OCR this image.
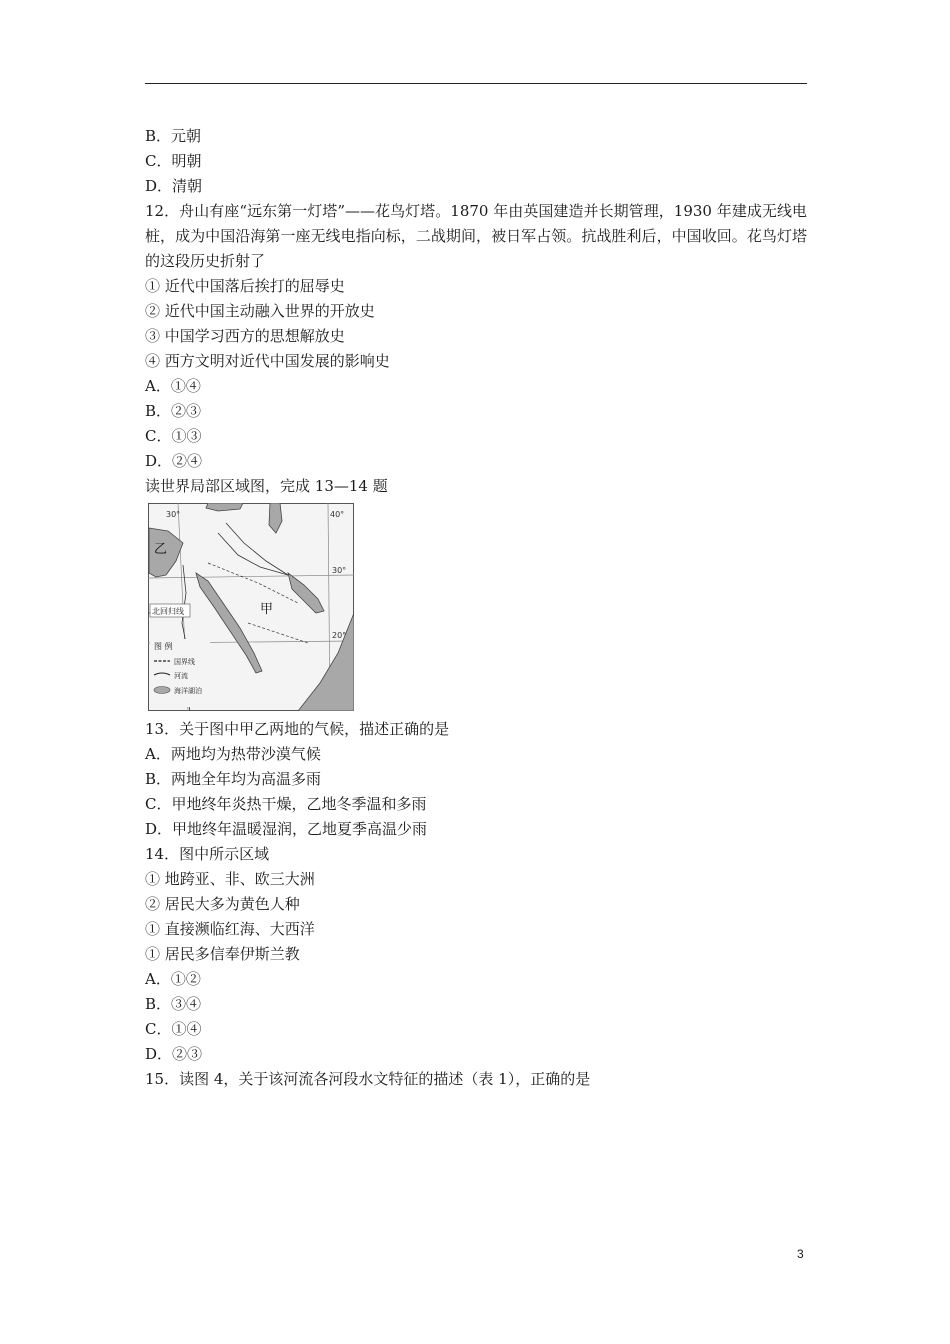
B．元朝
C．明朝
D．清朝
12．舟山有座“远东第一灯塔”——花鸟灯塔。1870 年由英国建造并长期管理，1930 年建成无线电桩，成为中国沿海第一座无线电指向标，二战期间，被日军占领。抗战胜利后，中国收回。花鸟灯塔的这段历史折射了
① 近代中国落后挨打的屈辱史
② 近代中国主动融入世界的开放史
③ 中国学习西方的思想解放史
④ 西方文明对近代中国发展的影响史
A．①④
B．②③
C．①③
D．②④
读世界局部区域图，完成 13—14 题
30°	40°
30°
20°
乙
甲
北回归线
图 例
国界线
河流
海洋湖泊
13．关于图中甲乙两地的气候，描述正确的是
A．两地均为热带沙漠气候
B．两地全年均为高温多雨
C．甲地终年炎热干燥，乙地冬季温和多雨
D．甲地终年温暖湿润，乙地夏季高温少雨
14．图中所示区域
① 地跨亚、非、欧三大洲
② 居民大多为黄色人种
① 直接濒临红海、大西洋
① 居民多信奉伊斯兰教
A．①②
B．③④
C．①④
D．②③
15．读图 4，关于该河流各河段水文特征的描述（表 1），正确的是
3
